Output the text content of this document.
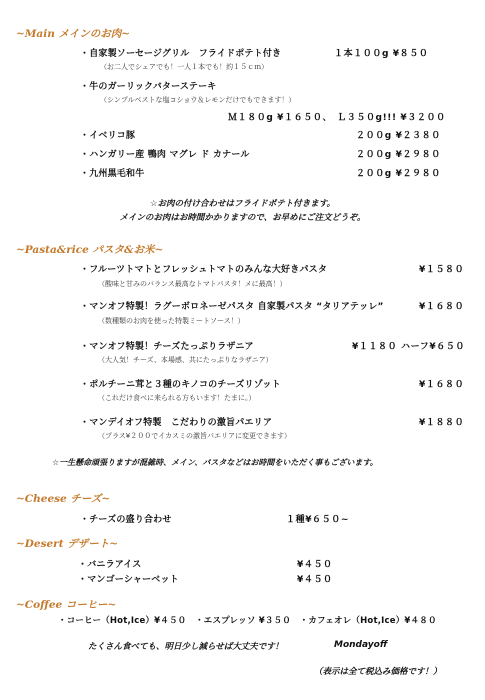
~Main メインのお肉~
・自家製ソーセージグリル　フライドポテト付き	１本１００g ¥８５０
（お二人でシェアでも！一人１本でも！約１５ｃｍ）
・牛のガーリックバターステーキ
（シンプルベストな塩コショウ＆レモンだけでもできます！）
Ｍ１８０g ¥１６５０、　Ｌ３５０g!!! ¥３２００
・イベリコ豚	２００g ¥２３８０
・ハンガリー産 鴨肉 マグレ ド カナール	２００g ¥２９８０
・九州黒毛和牛	２００g ¥２９８０
☆お肉の付け合わせはフライドポテト付きます。
メインのお肉はお時間かかりますので、お早めにご注文どうぞ。
~Pasta&rice パスタ&お米~
・フルーツトマトとフレッシュトマトのみんな大好きパスタ	¥１５８０
（酸味と甘みのバランス最高なトマトパスタ！メに最高！）
・マンオフ特製！ラグーボロネーゼパスタ 自家製パスタ “タリアテッレ”	¥１６８０
（数種類のお肉を使った特製ミートソース！）
・マンオフ特製！チーズたっぷりラザニア	¥１１８０ ハーフ¥６５０
（大人気！チーズ、本場感、共にたっぷりなラザニア）
・ポルチーニ茸と３種のキノコのチーズリゾット	¥１６８０
（これだけ食べに来られる方もいます！たまに。）
・マンデイオフ特製　こだわりの激旨パエリア	¥１８８０
（プラス¥２００でイカスミの激旨パエリアに変更できます）
☆一生懸命頑張りますが混雑時、メイン、パスタなどはお時間をいただく事もございます。
~Cheese チーズ~
・チーズの盛り合わせ	１種¥６５０~
~Desert デザート~
・バニラアイス	¥４５０
・マンゴーシャーベット	¥４５０
~Coffee コーヒー~
・コーヒー（Hot,Ice）¥４５０　・エスプレッソ ¥３５０　・カフェオレ（Hot,Ice）¥４８０
たくさん食べても、明日少し減らせば大丈夫です！	Mondayoff
（表示は全て税込み価格です！）
